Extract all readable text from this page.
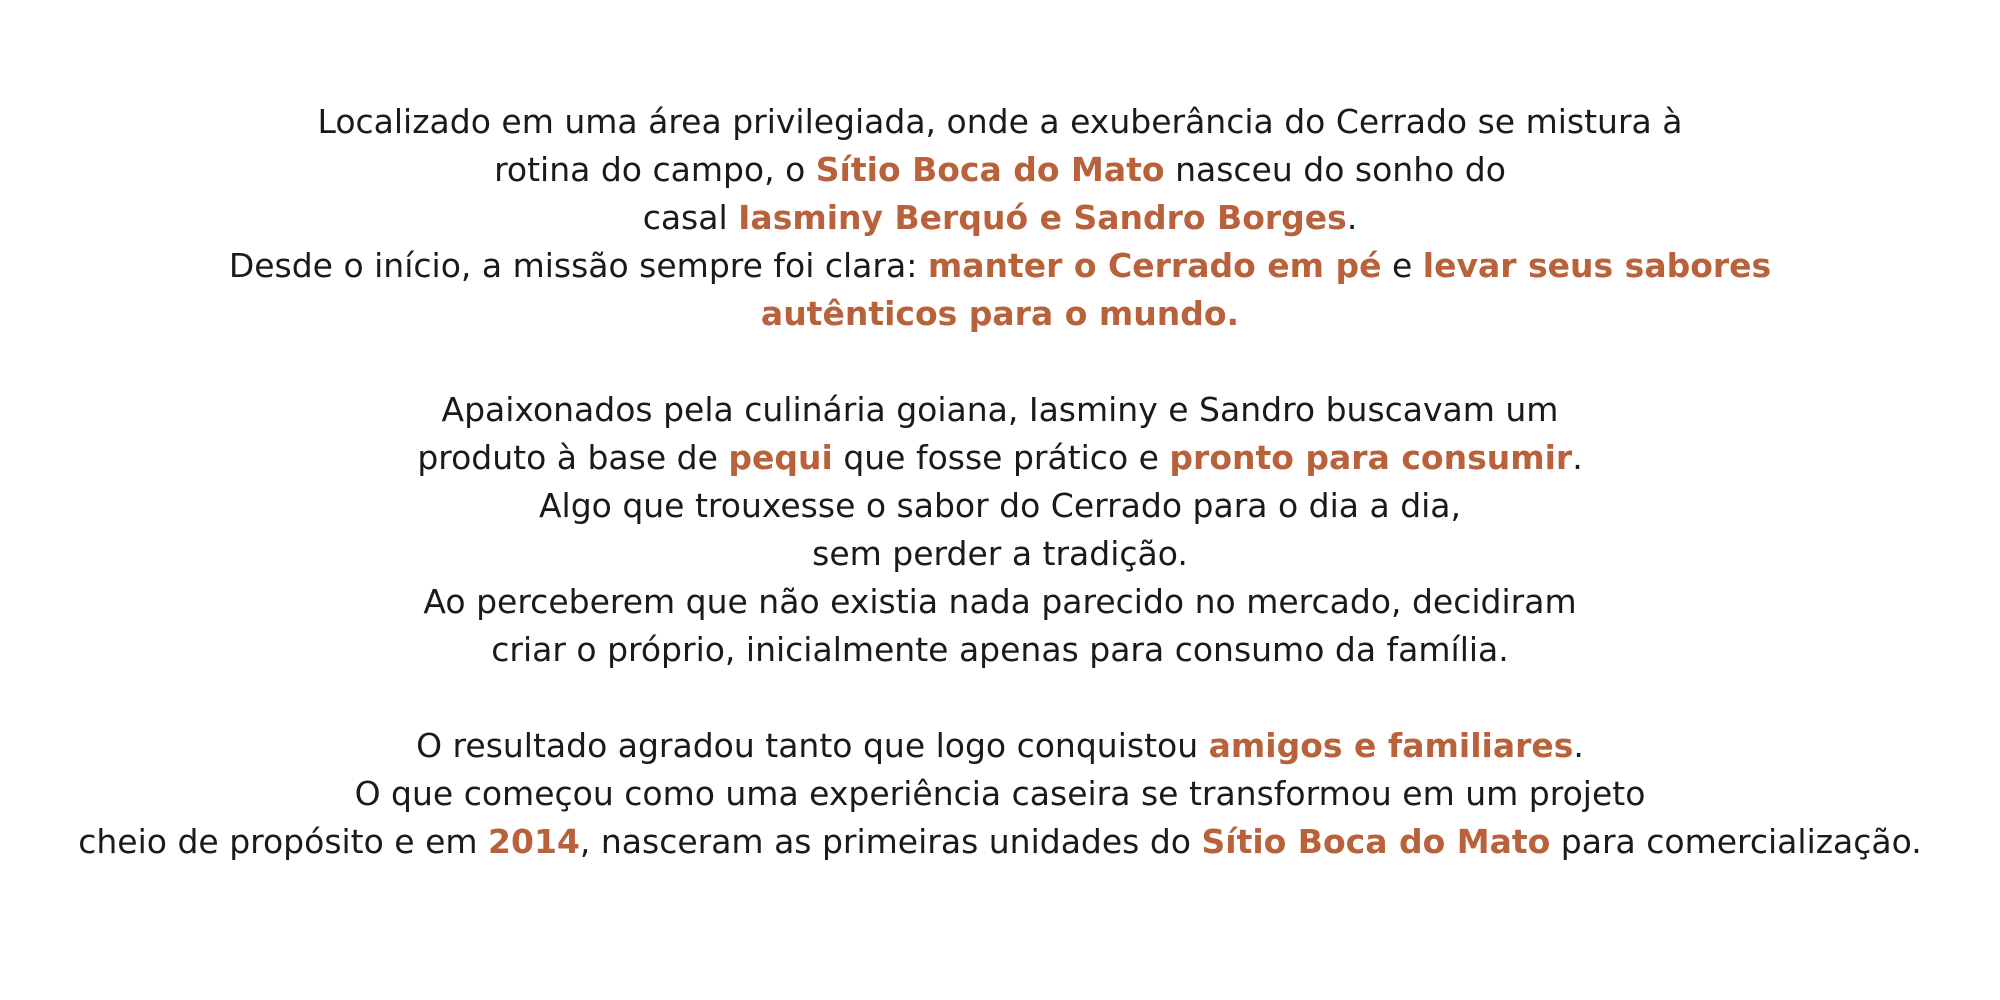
Localizado em uma área privilegiada, onde a exuberância do Cerrado se mistura à
rotina do campo, o Sítio Boca do Mato nasceu do sonho do
casal Iasminy Berquó e Sandro Borges.
Desde o início, a missão sempre foi clara: manter o Cerrado em pé e levar seus sabores
autênticos para o mundo.
Apaixonados pela culinária goiana, Iasminy e Sandro buscavam um
produto à base de pequi que fosse prático e pronto para consumir.
Algo que trouxesse o sabor do Cerrado para o dia a dia,
sem perder a tradição.
Ao perceberem que não existia nada parecido no mercado, decidiram
criar o próprio, inicialmente apenas para consumo da família.
O resultado agradou tanto que logo conquistou amigos e familiares.
O que começou como uma experiência caseira se transformou em um projeto
cheio de propósito e em 2014, nasceram as primeiras unidades do Sítio Boca do Mato para comercialização.
